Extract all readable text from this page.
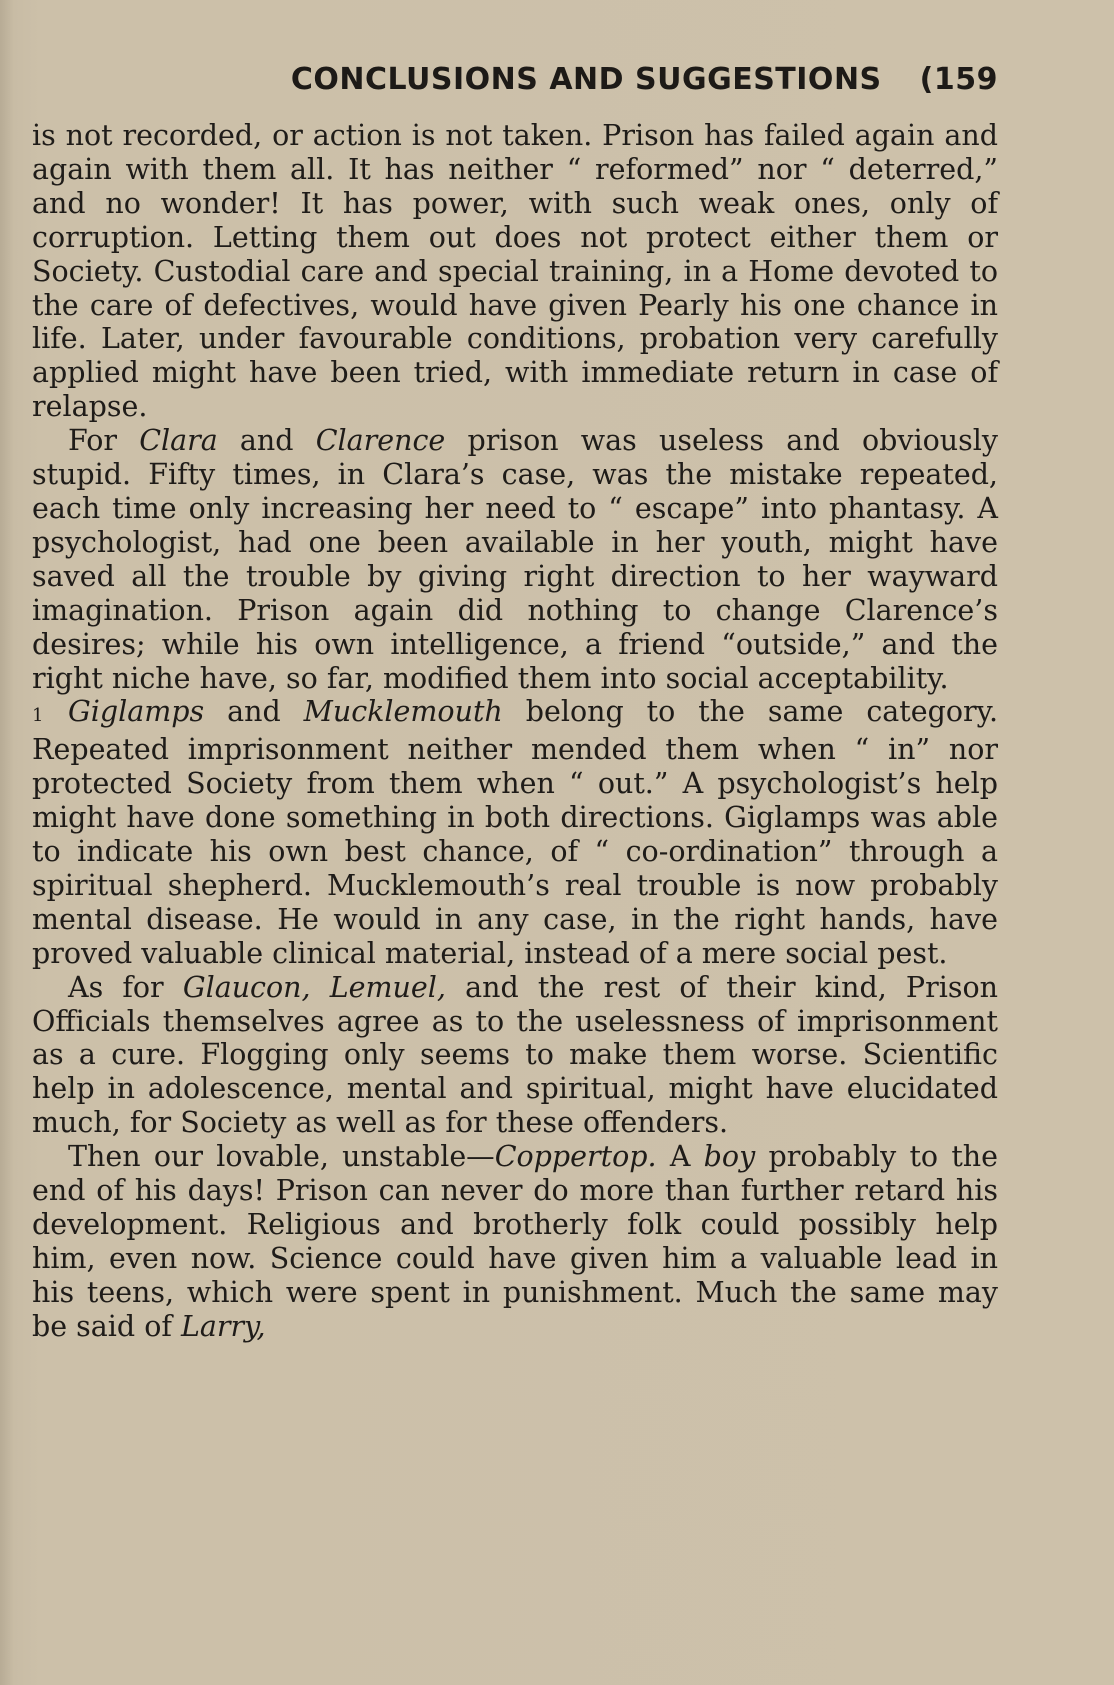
CONCLUSIONS AND SUGGESTIONS (159

is not recorded, or action is not taken. Prison has failed again and again with them all. It has neither “ reformed” nor “ deterred,” and no wonder! It has power, with such weak ones, only of corruption. Letting them out does not protect either them or Society. Custodial care and special training, in a Home devoted to the care of defectives, would have given Pearly his one chance in life. Later, under favourable conditions, probation very carefully applied might have been tried, with immediate return in case of relapse.

For Clara and Clarence prison was useless and obviously stupid. Fifty times, in Clara’s case, was the mistake repeated, each time only increasing her need to “ escape” into phantasy. A psychologist, had one been available in her youth, might have saved all the trouble by giving right direction to her wayward imagination. Prison again did nothing to change Clarence’s desires; while his own intelligence, a friend “outside,” and the right niche have, so far, modified them into social acceptability.

1 Giglamps and Mucklemouth belong to the same category. Repeated imprisonment neither mended them when “ in” nor protected Society from them when “ out.” A psychologist’s help might have done something in both directions. Giglamps was able to indicate his own best chance, of “ co-ordination” through a spiritual shepherd. Mucklemouth’s real trouble is now probably mental disease. He would in any case, in the right hands, have proved valuable clinical material, instead of a mere social pest.

As for Glaucon, Lemuel, and the rest of their kind, Prison Officials themselves agree as to the uselessness of imprisonment as a cure. Flogging only seems to make them worse. Scientific help in adolescence, mental and spiritual, might have elucidated much, for Society as well as for these offenders.

Then our lovable, unstable—Coppertop. A boy probably to the end of his days! Prison can never do more than further retard his development. Religious and brotherly folk could possibly help him, even now. Science could have given him a valuable lead in his teens, which were spent in punishment. Much the same may be said of Larry,
